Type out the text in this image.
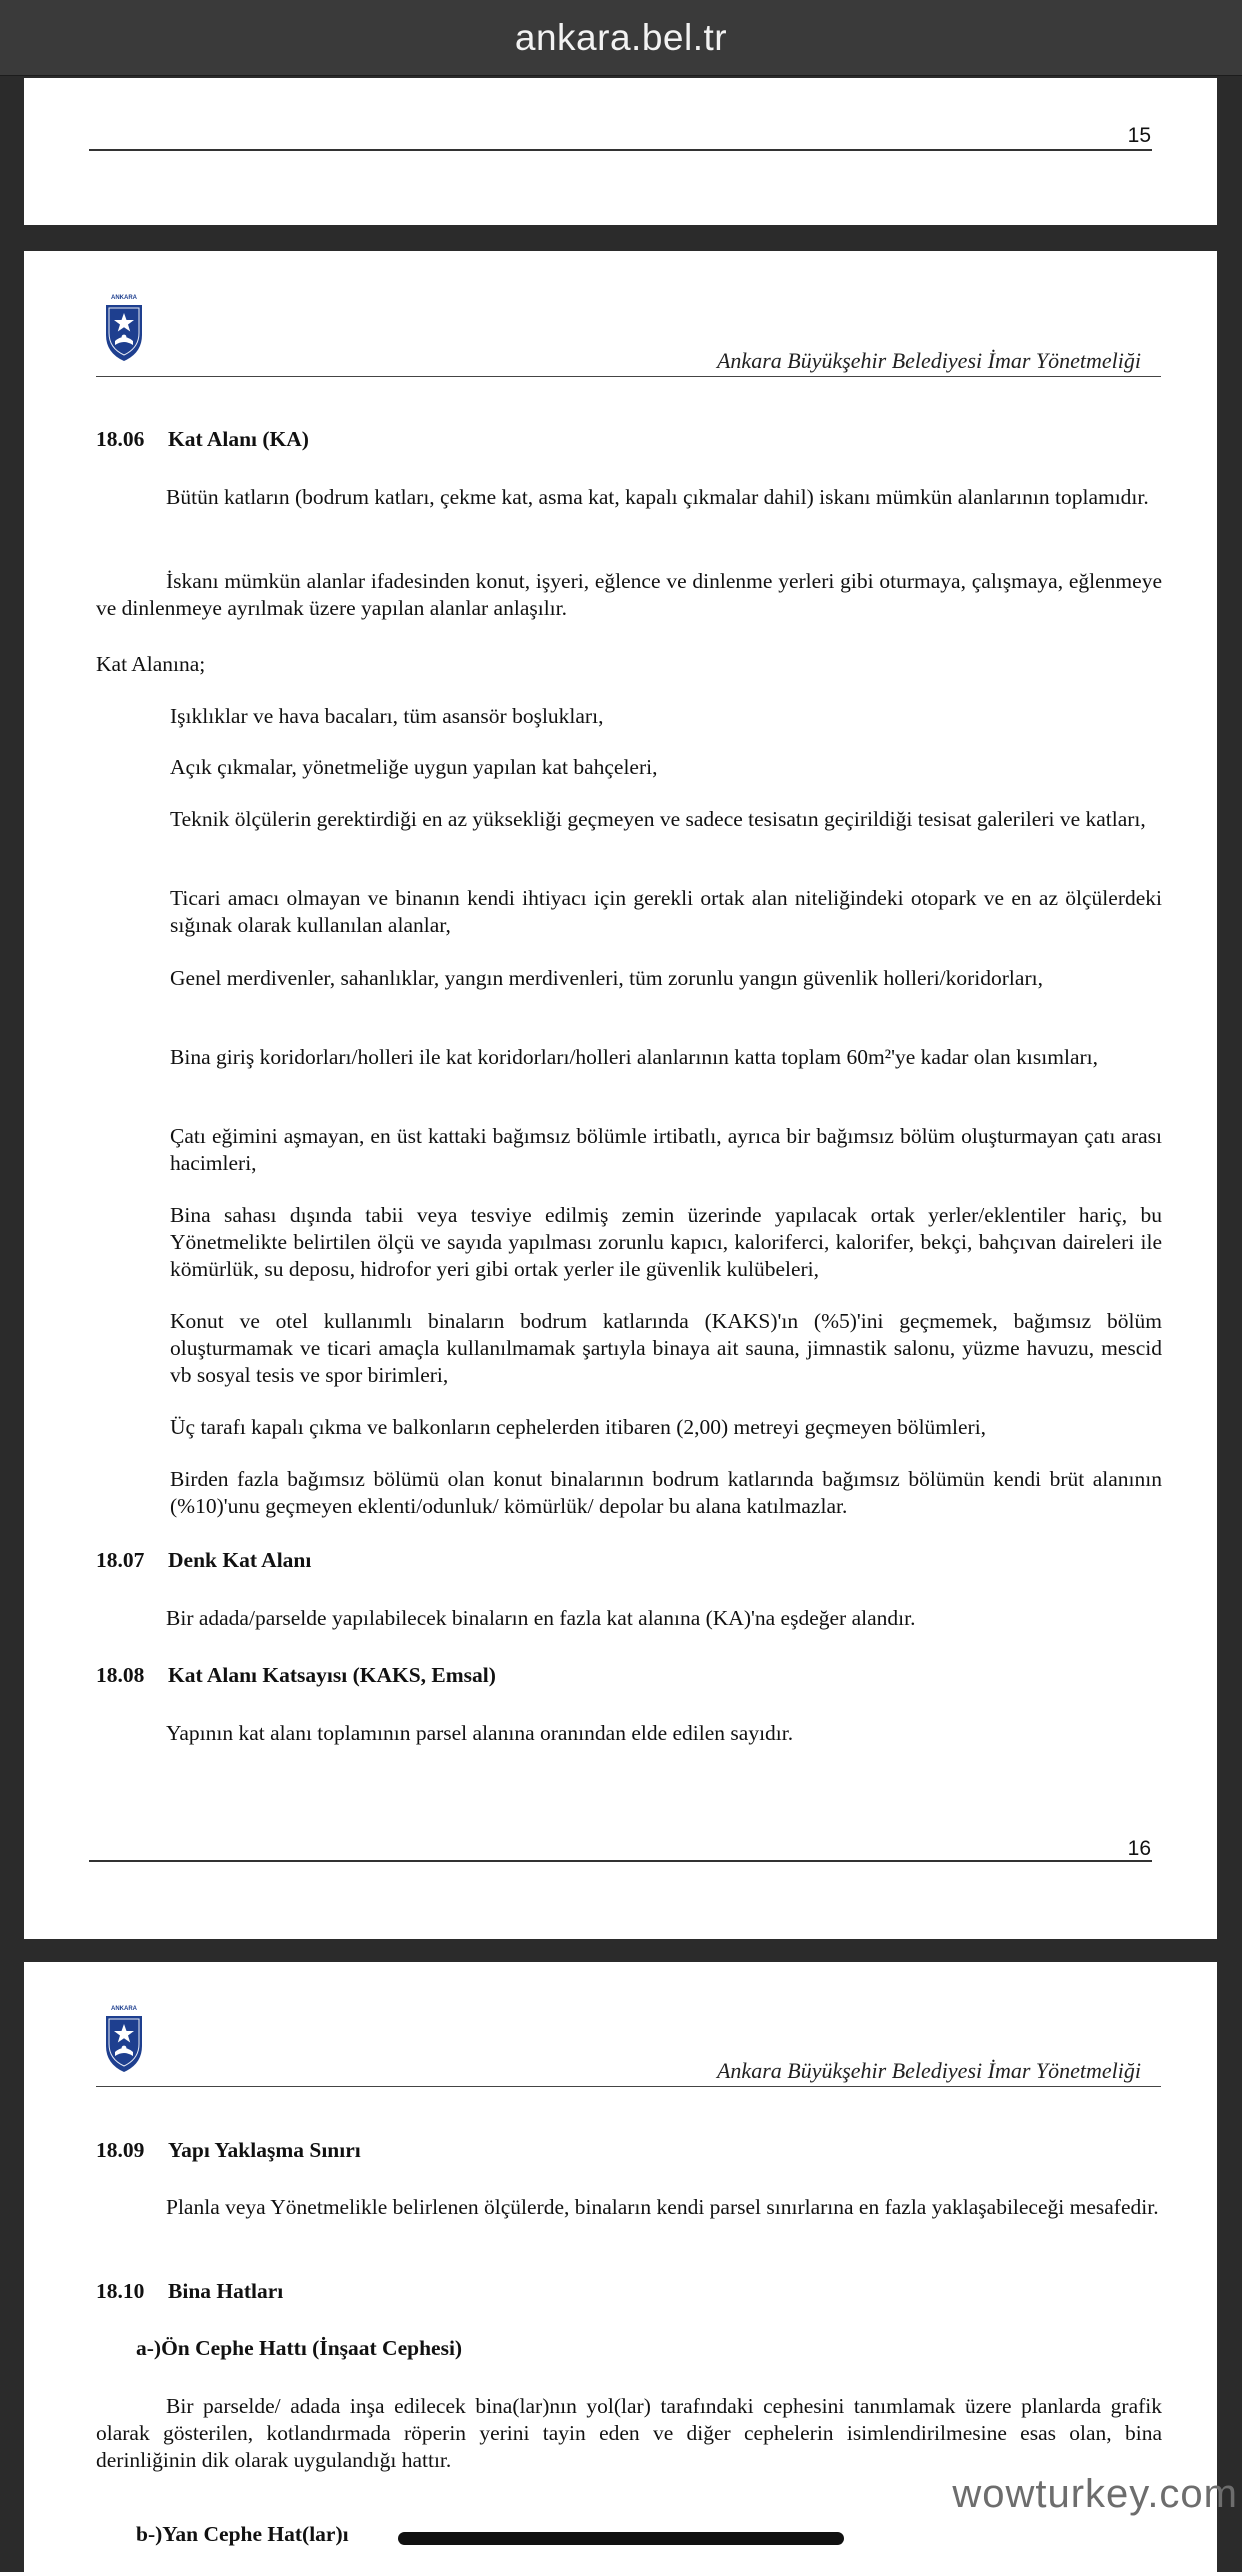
ankara.bel.tr
15
ANKARA
Ankara Büyükşehir Belediyesi İmar Yönetmeliği

18.06 Kat Alanı (KA)

Bütün katların (bodrum katları, çekme kat, asma kat, kapalı çıkmalar dahil) iskanı mümkün alanlarının toplamıdır.

İskanı mümkün alanlar ifadesinden konut, işyeri, eğlence ve dinlenme yerleri gibi oturmaya, çalışmaya, eğlenmeye ve dinlenmeye ayrılmak üzere yapılan alanlar anlaşılır.

Kat Alanına;

Işıklıklar ve hava bacaları, tüm asansör boşlukları,

Açık çıkmalar, yönetmeliğe uygun yapılan kat bahçeleri,

Teknik ölçülerin gerektirdiği en az yüksekliği geçmeyen ve sadece tesisatın geçirildiği tesisat galerileri ve katları,

Ticari amacı olmayan ve binanın kendi ihtiyacı için gerekli ortak alan niteliğindeki otopark ve en az ölçülerdeki sığınak olarak kullanılan alanlar,

Genel merdivenler, sahanlıklar, yangın merdivenleri, tüm zorunlu yangın güvenlik holleri/koridorları,

Bina giriş koridorları/holleri ile kat koridorları/holleri alanlarının katta toplam 60m²'ye kadar olan kısımları,

Çatı eğimini aşmayan, en üst kattaki bağımsız bölümle irtibatlı, ayrıca bir bağımsız bölüm oluşturmayan çatı arası hacimleri,

Bina sahası dışında tabii veya tesviye edilmiş zemin üzerinde yapılacak ortak yerler/eklentiler hariç, bu Yönetmelikte belirtilen ölçü ve sayıda yapılması zorunlu kapıcı, kaloriferci, kalorifer, bekçi, bahçıvan daireleri ile kömürlük, su deposu, hidrofor yeri gibi ortak yerler ile güvenlik kulübeleri,

Konut ve otel kullanımlı binaların bodrum katlarında (KAKS)'ın (%5)'ini geçmemek, bağımsız bölüm oluşturmamak ve ticari amaçla kullanılmamak şartıyla binaya ait sauna, jimnastik salonu, yüzme havuzu, mescid vb sosyal tesis ve spor birimleri,

Üç tarafı kapalı çıkma ve balkonların cephelerden itibaren (2,00) metreyi geçmeyen bölümleri,

Birden fazla bağımsız bölümü olan konut binalarının bodrum katlarında bağımsız bölümün kendi brüt alanının (%10)'unu geçmeyen eklenti/odunluk/ kömürlük/ depolar bu alana katılmazlar.

18.07 Denk Kat Alanı

Bir adada/parselde yapılabilecek binaların en fazla kat alanına (KA)'na eşdeğer alandır.

18.08 Kat Alanı Katsayısı (KAKS, Emsal)

Yapının kat alanı toplamının parsel alanına oranından elde edilen sayıdır.

16
ANKARA
Ankara Büyükşehir Belediyesi İmar Yönetmeliği

18.09 Yapı Yaklaşma Sınırı

Planla veya Yönetmelikle belirlenen ölçülerde, binaların kendi parsel sınırlarına en fazla yaklaşabileceği mesafedir.

18.10 Bina Hatları

a-)Ön Cephe Hattı (İnşaat Cephesi)

Bir parselde/ adada inşa edilecek bina(lar)nın yol(lar) tarafındaki cephesini tanımlamak üzere planlarda grafik olarak gösterilen, kotlandırmada röperin yerini tayin eden ve diğer cephelerin isimlendirilmesine esas olan, bina derinliğinin dik olarak uygulandığı hattır.

b-)Yan Cephe Hat(lar)ı

wowturkey.com
